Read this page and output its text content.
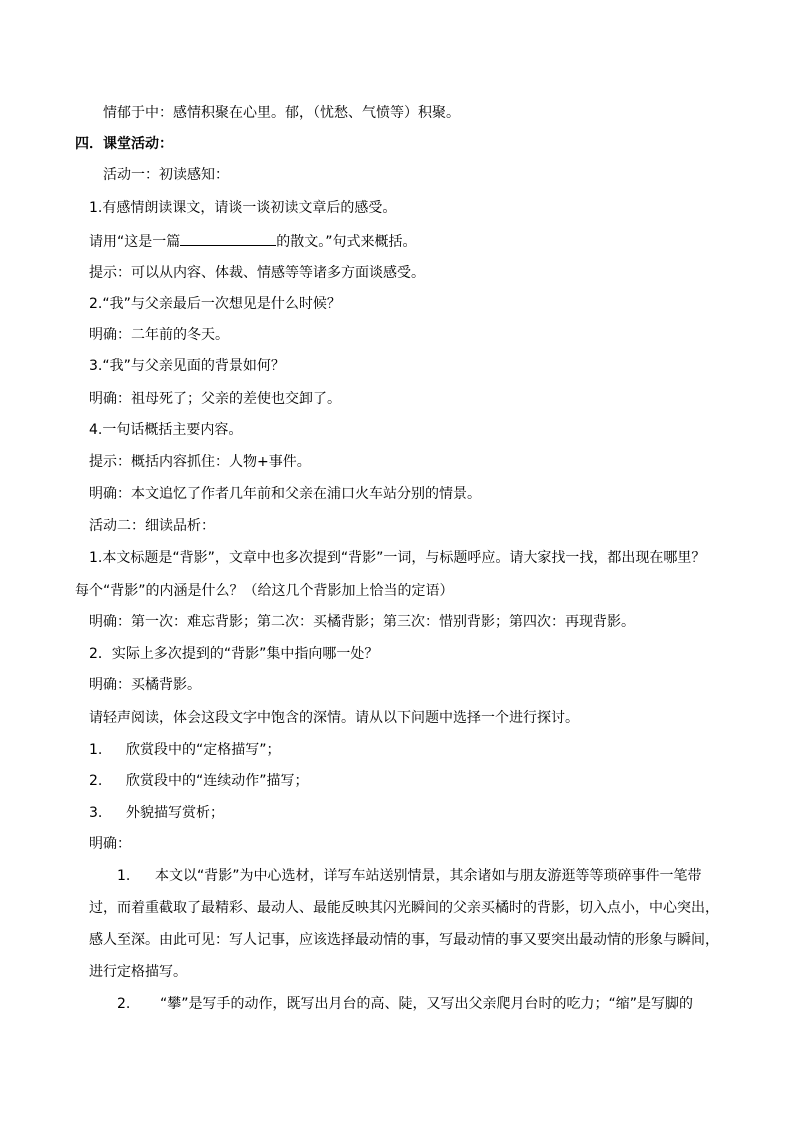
情郁于中：感情积聚在心里。郁，（忧愁、气愤等）积聚。
四．课堂活动：
活动一：初读感知：
1.有感情朗读课文，请谈一谈初读文章后的感受。
请用“这是一篇	的散文。”句式来概括。
提示：可以从内容、体裁、情感等等诸多方面谈感受。
2.“我”与父亲最后一次想见是什么时候？
明确：二年前的冬天。
3.“我”与父亲见面的背景如何？
明确：祖母死了；父亲的差使也交卸了。
4.一句话概括主要内容。
提示：概括内容抓住：人物+事件。
明确：本文追忆了作者几年前和父亲在浦口火车站分别的情景。
活动二：细读品析：
1.本文标题是“背影”，文章中也多次提到“背影”一词，与标题呼应。请大家找一找，都出现在哪里？
每个“背影”的内涵是什么？（给这几个背影加上恰当的定语）
明确：第一次：难忘背影；第二次：买橘背影；第三次：惜别背影；第四次：再现背影。
2．实际上多次提到的“背影”集中指向哪一处？
明确：买橘背影。
请轻声阅读，体会这段文字中饱含的深情。请从以下问题中选择一个进行探讨。
1. 欣赏段中的“定格描写”；
2. 欣赏段中的“连续动作”描写；
3. 外貌描写赏析；
明确：
1. 本文以“背影”为中心选材，详写车站送别情景，其余诸如与朋友游逛等等琐碎事件一笔带
过，而着重截取了最精彩、最动人、最能反映其闪光瞬间的父亲买橘时的背影，切入点小，中心突出，
感人至深。由此可见：写人记事，应该选择最动情的事，写最动情的事又要突出最动情的形象与瞬间，
进行定格描写。
2. “攀”是写手的动作，既写出月台的高、陡，又写出父亲爬月台时的吃力；“缩”是写脚的
